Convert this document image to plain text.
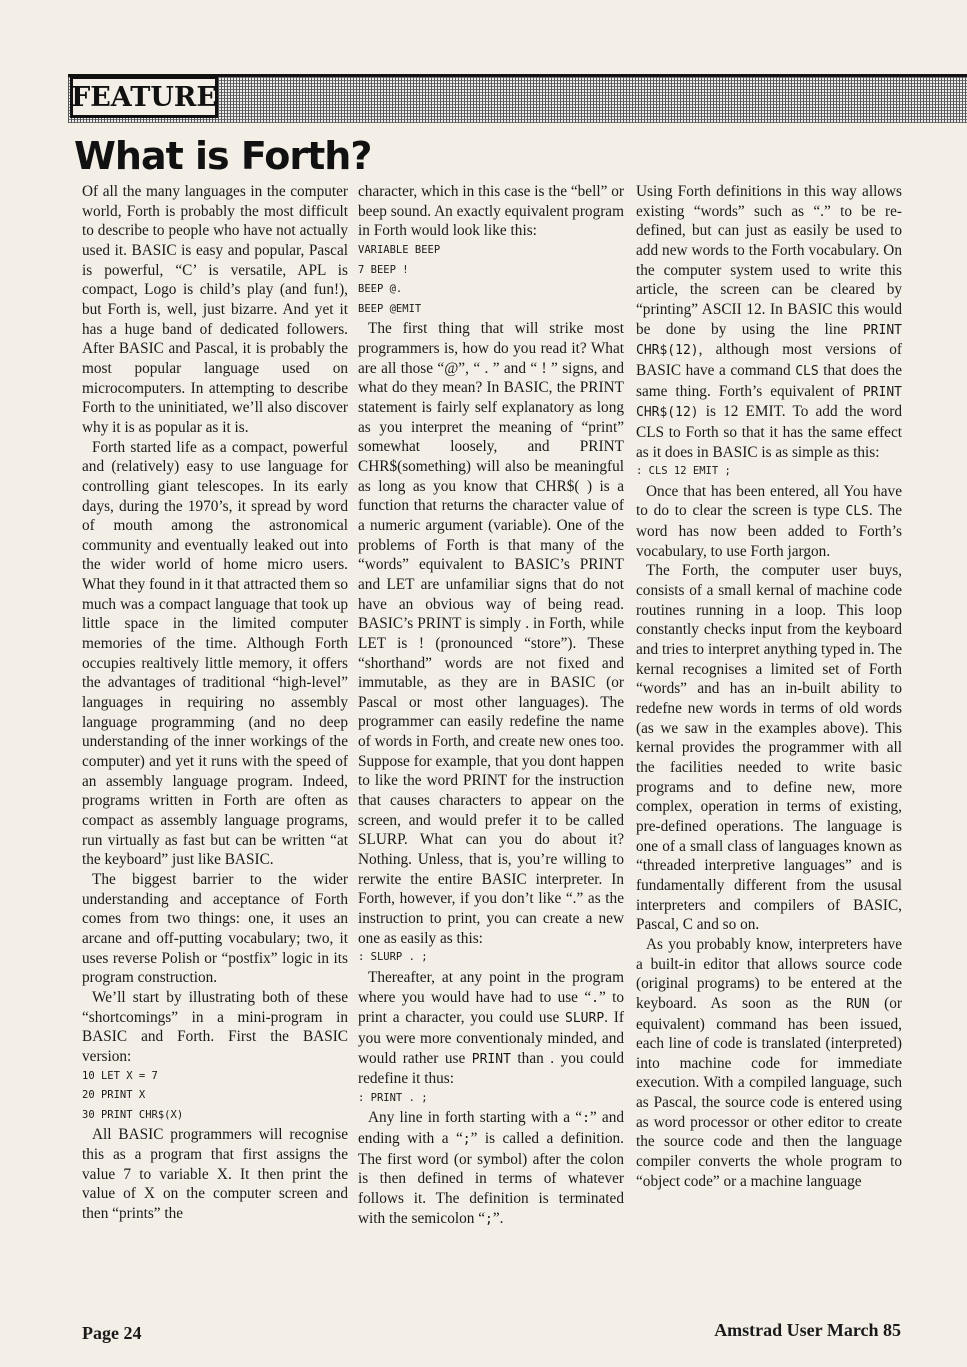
FEATURE
What is Forth?

Of all the many languages in the computer world, Forth is probably the most difficult to describe to people who have not actually used it. BASIC is easy and popular, Pascal is powerful, “C’ is versatile, APL is compact, Logo is child’s play (and fun!), but Forth is, well, just bizarre. And yet it has a huge band of dedicated followers. After BASIC and Pascal, it is probably the most popular language used on microcomputers. In attempting to describe Forth to the uninitiated, we’ll also discover why it is as popular as it is.

Forth started life as a compact, powerful and (relatively) easy to use language for controlling giant telescopes. In its early days, during the 1970’s, it spread by word of mouth among the astronomical community and eventually leaked out into the wider world of home micro users. What they found in it that attracted them so much was a compact language that took up little space in the limited computer memories of the time. Although Forth occupies realtively little memory, it offers the advantages of traditional “high-level” languages in requiring no assembly language programming (and no deep understanding of the inner workings of the computer) and yet it runs with the speed of an assembly language program. Indeed, programs written in Forth are often as compact as assembly language programs, run virtually as fast but can be written “at the keyboard” just like BASIC.

The biggest barrier to the wider understanding and acceptance of Forth comes from two things: one, it uses an arcane and off-putting vocabulary; two, it uses reverse Polish or “postfix” logic in its program construction.

We’ll start by illustrating both of these “shortcomings” in a mini-program in BASIC and Forth. First the BASIC version:

10 LET X = 7
20 PRINT X
30 PRINT CHR$(X)

All BASIC programmers will recognise this as a program that first assigns the value 7 to variable X. It then print the value of X on the computer screen and then “prints” the

character, which in this case is the “bell” or beep sound. An exactly equivalent program in Forth would look like this:

VARIABLE BEEP
7 BEEP !
BEEP @.
BEEP @EMIT

The first thing that will strike most programmers is, how do you read it? What are all those “@”, “ . ” and “ ! ” signs, and what do they mean? In BASIC, the PRINT statement is fairly self explanatory as long as you interpret the meaning of “print” somewhat loosely, and PRINT CHR$(something) will also be meaningful as long as you know that CHR$( ) is a function that returns the character value of a numeric argument (variable). One of the problems of Forth is that many of the “words” equivalent to BASIC’s PRINT and LET are unfamiliar signs that do not have an obvious way of being read. BASIC’s PRINT is simply . in Forth, while LET is ! (pronounced “store”). These “shorthand” words are not fixed and immutable, as they are in BASIC (or Pascal or most other languages). The programmer can easily redefine the name of words in Forth, and create new ones too. Suppose for example, that you dont happen to like the word PRINT for the instruction that causes characters to appear on the screen, and would prefer it to be called SLURP. What can you do about it? Nothing. Unless, that is, you’re willing to rerwite the entire BASIC interpreter. In Forth, however, if you don’t like “.” as the instruction to print, you can create a new one as easily as this:

: SLURP . ;

Thereafter, at any point in the program where you would have had to use “.” to print a character, you could use SLURP. If you were more conventionaly minded, and would rather use PRINT than . you could redefine it thus:

: PRINT . ;

Any line in forth starting with a “:” and ending with a “;” is called a definition. The first word (or symbol) after the colon is then defined in terms of whatever follows it. The definition is terminated with the semicolon “;”.

Using Forth definitions in this way allows existing “words” such as “.” to be re-defined, but can just as easily be used to add new words to the Forth vocabulary. On the computer system used to write this article, the screen can be cleared by “printing” ASCII 12. In BASIC this would be done by using the line PRINT CHR$(12), although most versions of BASIC have a command CLS that does the same thing. Forth’s equivalent of PRINT CHR$(12) is 12 EMIT. To add the word CLS to Forth so that it has the same effect as it does in BASIC is as simple as this:

: CLS 12 EMIT ;

Once that has been entered, all You have to do to clear the screen is type CLS. The word has now been added to Forth’s vocabulary, to use Forth jargon.

The Forth, the computer user buys, consists of a small kernal of machine code routines running in a loop. This loop constantly checks input from the keyboard and tries to interpret anything typed in. The kernal recognises a limited set of Forth “words” and has an in-built ability to redefne new words in terms of old words (as we saw in the examples above). This kernal provides the programmer with all the facilities needed to write basic programs and to define new, more complex, operation in terms of existing, pre-defined operations. The language is one of a small class of languages known as “threaded interpretive languages” and is fundamentally different from the ususal interpreters and compilers of BASIC, Pascal, C and so on.

As you probably know, interpreters have a built-in editor that allows source code (original programs) to be entered at the keyboard. As soon as the RUN (or equivalent) command has been issued, each line of code is translated (interpreted) into machine code for immediate execution. With a compiled language, such as Pascal, the source code is entered using as word processor or other editor to create the source code and then the language compiler converts the whole program to “object code” or a machine language

Page 24	Amstrad User March 85
